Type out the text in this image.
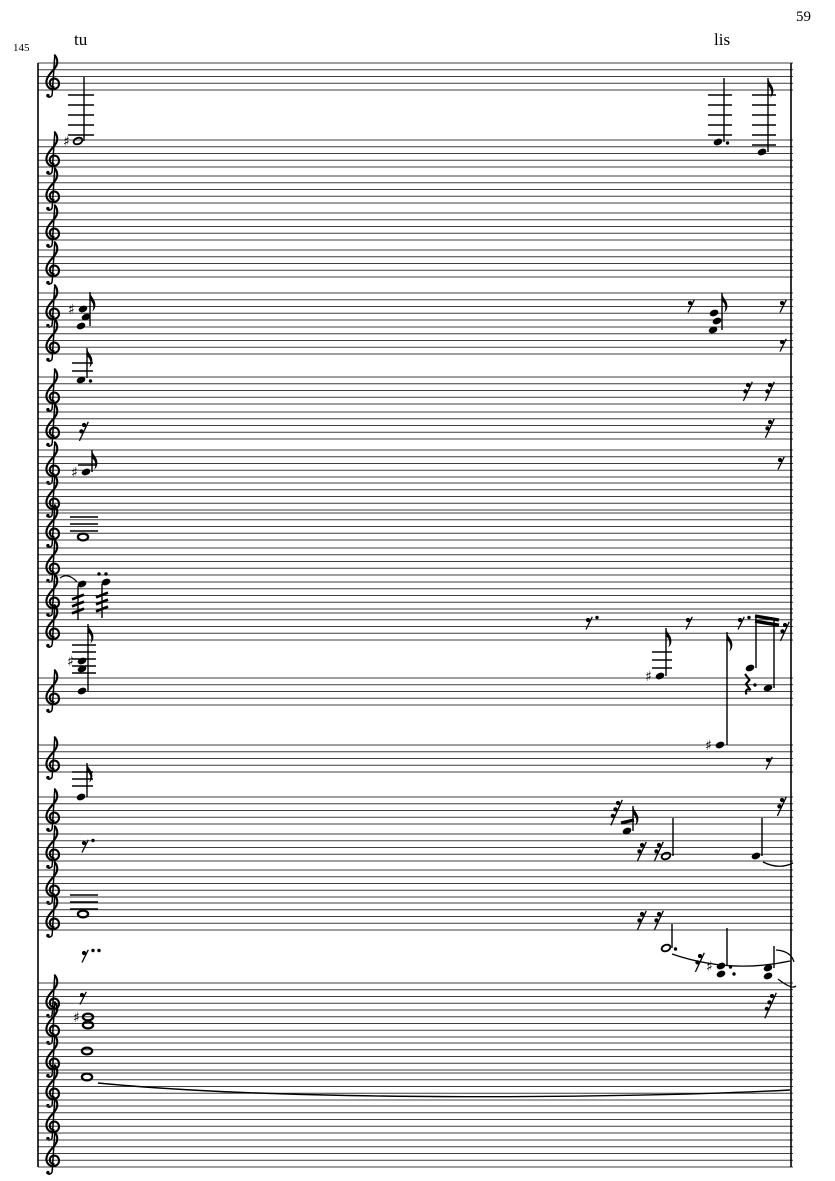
♯
♯
♯
♯
♯
♯
♯
♯
145
59
tu	lis
